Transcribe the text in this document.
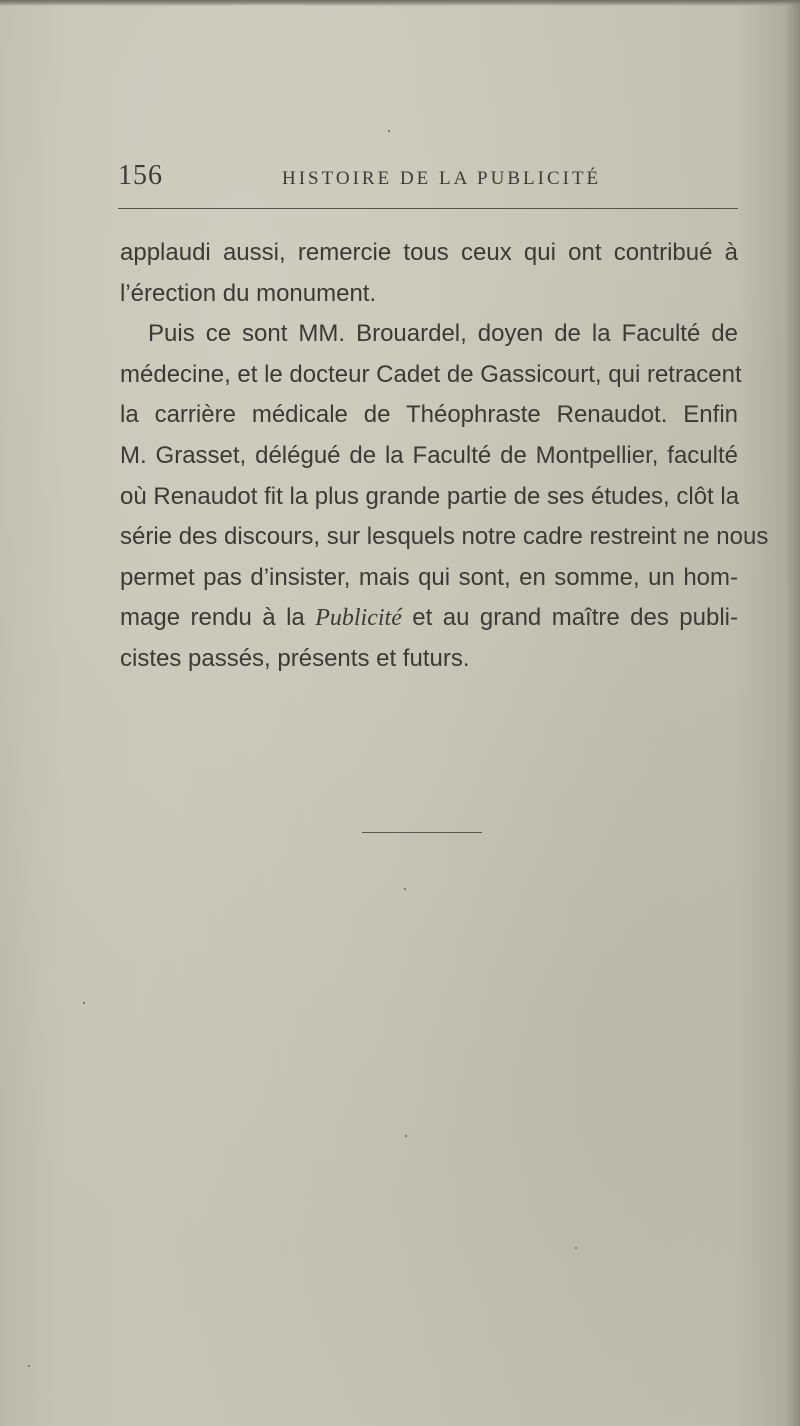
156	HISTOIRE DE LA PUBLICITÉ

applaudi aussi, remercie tous ceux qui ont contribué à
l’érection du monument.

Puis ce sont MM. Brouardel, doyen de la Faculté de
médecine, et le docteur Cadet de Gassicourt, qui retracent
la carrière médicale de Théophraste Renaudot. Enfin
M. Grasset, délégué de la Faculté de Montpellier, faculté
où Renaudot fit la plus grande partie de ses études, clôt la
série des discours, sur lesquels notre cadre restreint ne nous
permet pas d’insister, mais qui sont, en somme, un hom-
mage rendu à la Publicité et au grand maître des publi-
cistes passés, présents et futurs.
